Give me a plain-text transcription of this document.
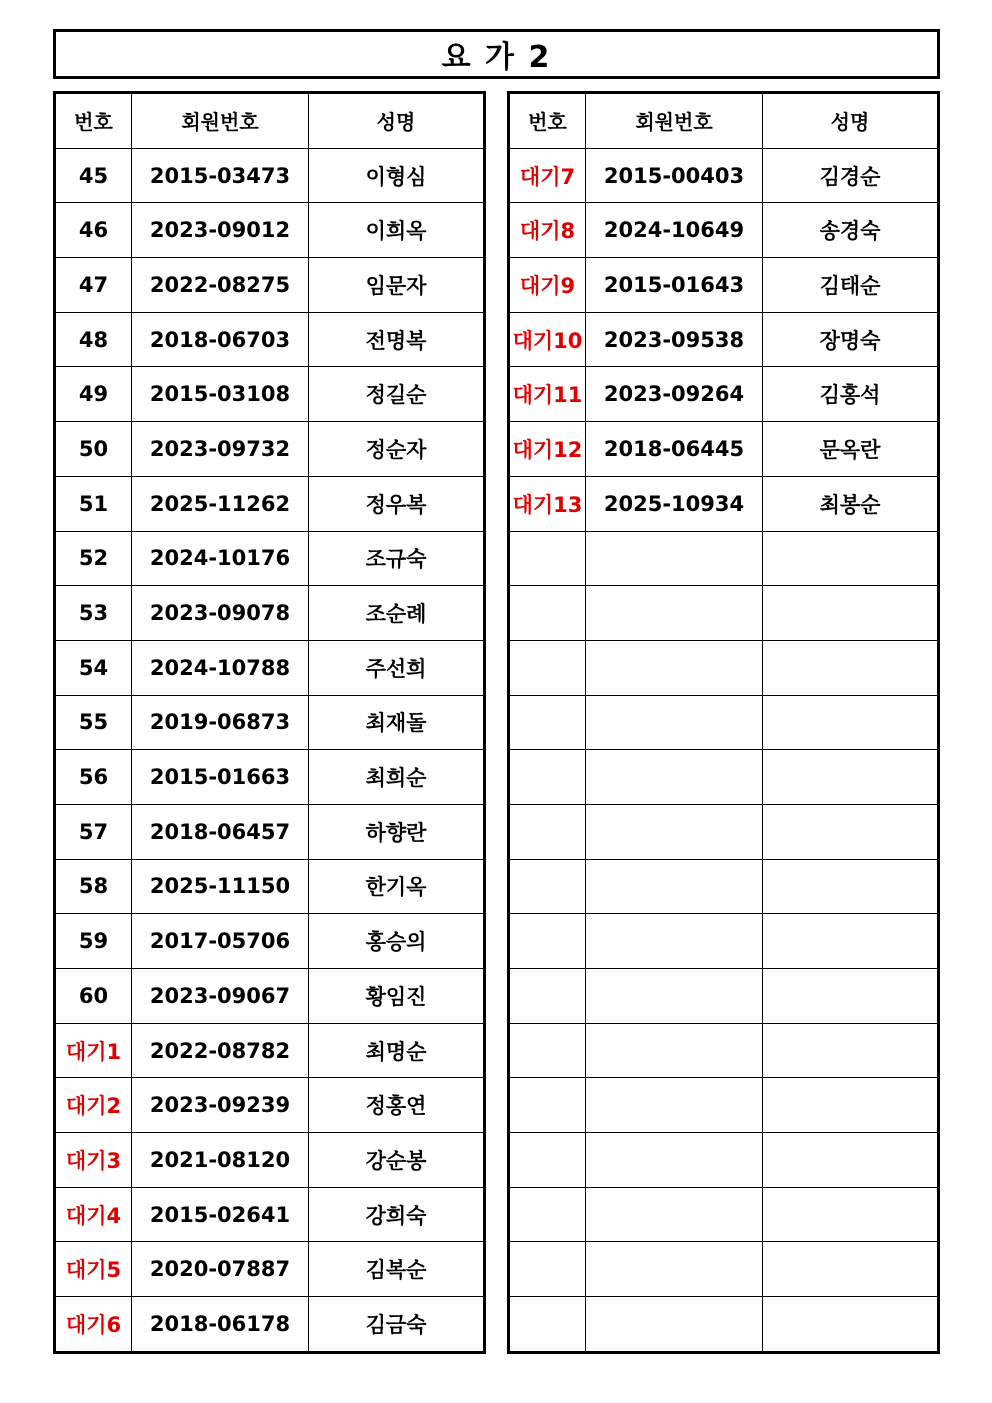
요 가 2
번호	회원번호	성명
45	2015-03473	이형심
46	2023-09012	이희옥
47	2022-08275	임문자
48	2018-06703	전명복
49	2015-03108	정길순
50	2023-09732	정순자
51	2025-11262	정우복
52	2024-10176	조규숙
53	2023-09078	조순례
54	2024-10788	주선희
55	2019-06873	최재돌
56	2015-01663	최희순
57	2018-06457	하향란
58	2025-11150	한기옥
59	2017-05706	홍승의
60	2023-09067	황임진
대기1	2022-08782	최명순
대기2	2023-09239	정홍연
대기3	2021-08120	강순봉
대기4	2015-02641	강희숙
대기5	2020-07887	김복순
대기6	2018-06178	김금숙
번호	회원번호	성명
대기7	2015-00403	김경순
대기8	2024-10649	송경숙
대기9	2015-01643	김태순
대기10	2023-09538	장명숙
대기11	2023-09264	김홍석
대기12	2018-06445	문옥란
대기13	2025-10934	최봉순
